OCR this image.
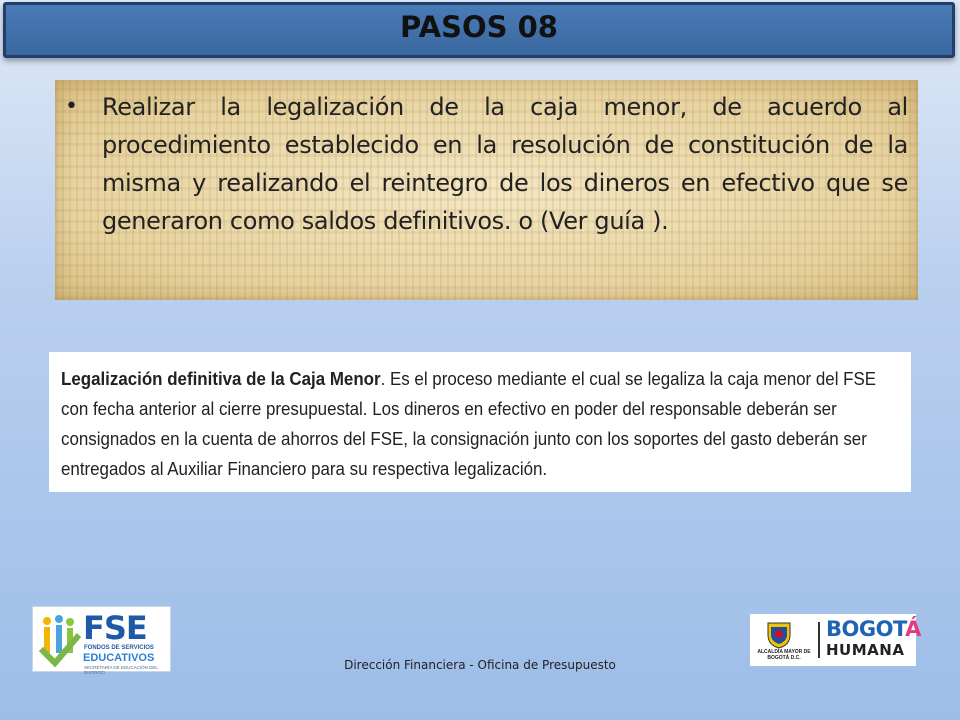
PASOS 08
• Realizar la legalización de la caja menor, de acuerdo al procedimiento establecido en la resolución de constitución de la misma y realizando el reintegro de los dineros en efectivo que se generaron como saldos definitivos. o (Ver guía ).

Legalización definitiva de la Caja Menor. Es el proceso mediante el cual se legaliza la caja menor del FSE con fecha anterior al cierre presupuestal. Los dineros en efectivo en poder del responsable deberán ser consignados en la cuenta de ahorros del FSE, la consignación junto con los soportes del gasto deberán ser entregados al Auxiliar Financiero para su respectiva legalización.

FSE
FONDOS DE SERVICIOS
EDUCATIVOS
SECRETARÍA DE EDUCACIÓN DEL DISTRITO
Dirección Financiera - Oficina de Presupuesto
ALCALDÍA MAYOR DE BOGOTÁ D.C.
BOGOTÁ
HUMANA
